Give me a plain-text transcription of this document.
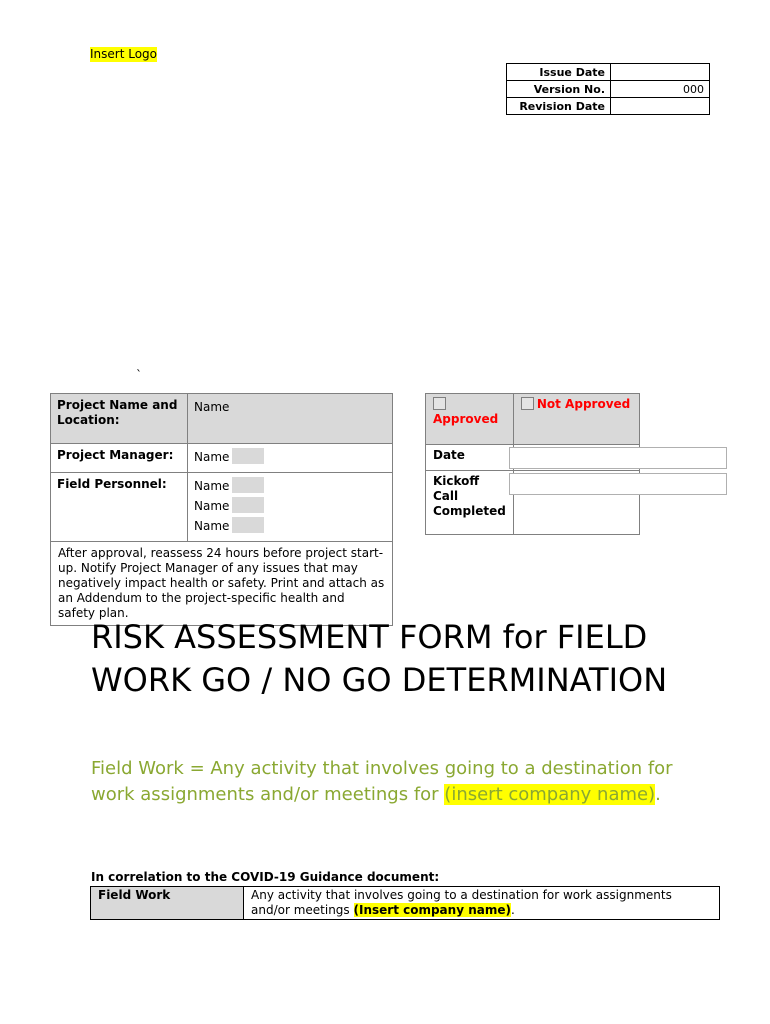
Insert Logo
Issue Date	
Version No.	000
Revision Date	
`
Project Name and Location:	Name

Project Manager:	Name

Field Personnel:	Name
Name
Name

After approval, reassess 24 hours before project start-up. Notify Project Manager of any issues that may negatively impact health or safety. Print and attach as an Addendum to the project-specific health and safety plan.	

Approved	Not Approved
Date	
Kickoff Call Completed	
RISK ASSESSMENT FORM for FIELD WORK GO / NO GO DETERMINATION
Field Work = Any activity that involves going to a destination for work assignments and/or meetings for (insert company name).
In correlation to the COVID-19 Guidance document:
Field Work	Any activity that involves going to a destination for work assignments and/or meetings (Insert company name).
